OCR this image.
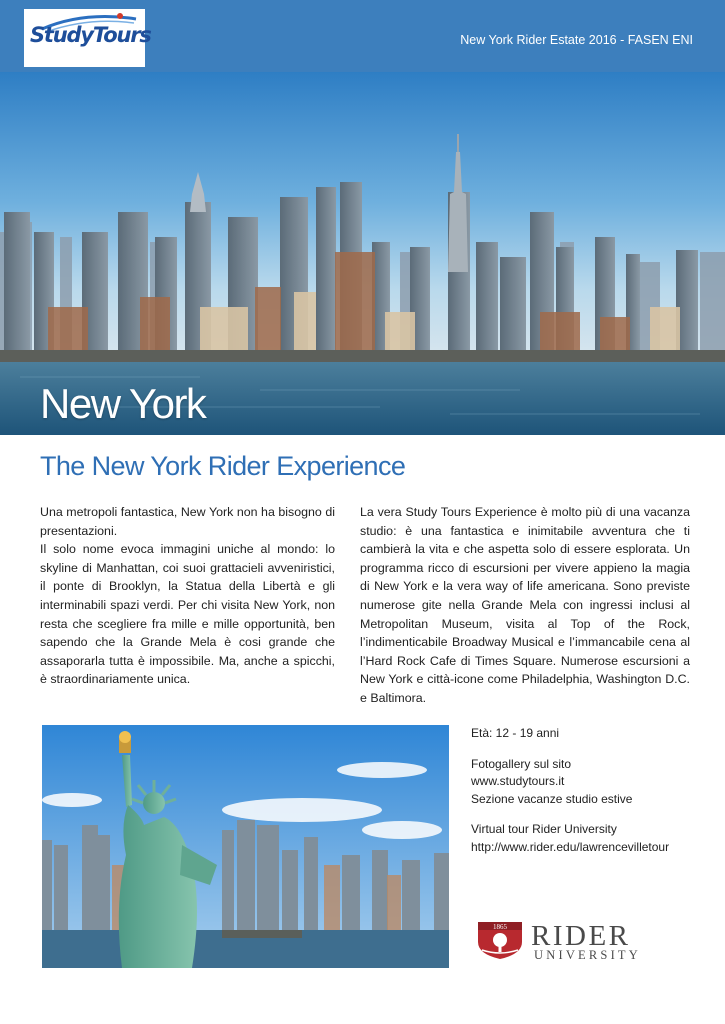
StudyTours	New York Rider Estate 2016 - FASEN ENI
New York
The New York Rider Experience

Una metropoli fantastica, New York non ha bisogno di presentazioni.

Il solo nome evoca immagini uniche al mondo: lo skyline di Manhattan, coi suoi grattacieli avveniristici, il ponte di Brooklyn, la Statua della Libertà e gli interminabili spazi verdi. Per chi visita New York, non resta che scegliere fra mille e mille opportunità, ben sapendo che la Grande Mela è cosi grande che assaporarla tutta è impossibile. Ma, anche a spicchi, è straordinariamente unica.

La vera Study Tours Experience è molto più di una vacanza studio: è una fantastica e inimitabile avventura che ti cambierà la vita e che aspetta solo di essere esplorata. Un programma ricco di escursioni per vivere appieno la magia di New York e la vera way of life americana. Sono previste numerose gite nella Grande Mela con ingressi inclusi al Metropolitan Museum, visita al Top of the Rock, l’indimenticabile Broadway Musical e l’immancabile cena al l’Hard Rock Cafe di Times Square. Numerose escursioni a New York e città-icone come Philadelphia, Washington D.C. e Baltimora.

Età: 12 - 19 anni
Fotogallery sul sito
www.studytours.it
Sezione vacanze studio estive
Virtual tour Rider University
http://www.rider.edu/lawrencevilletour
1865 RIDER
UNIVERSITY
